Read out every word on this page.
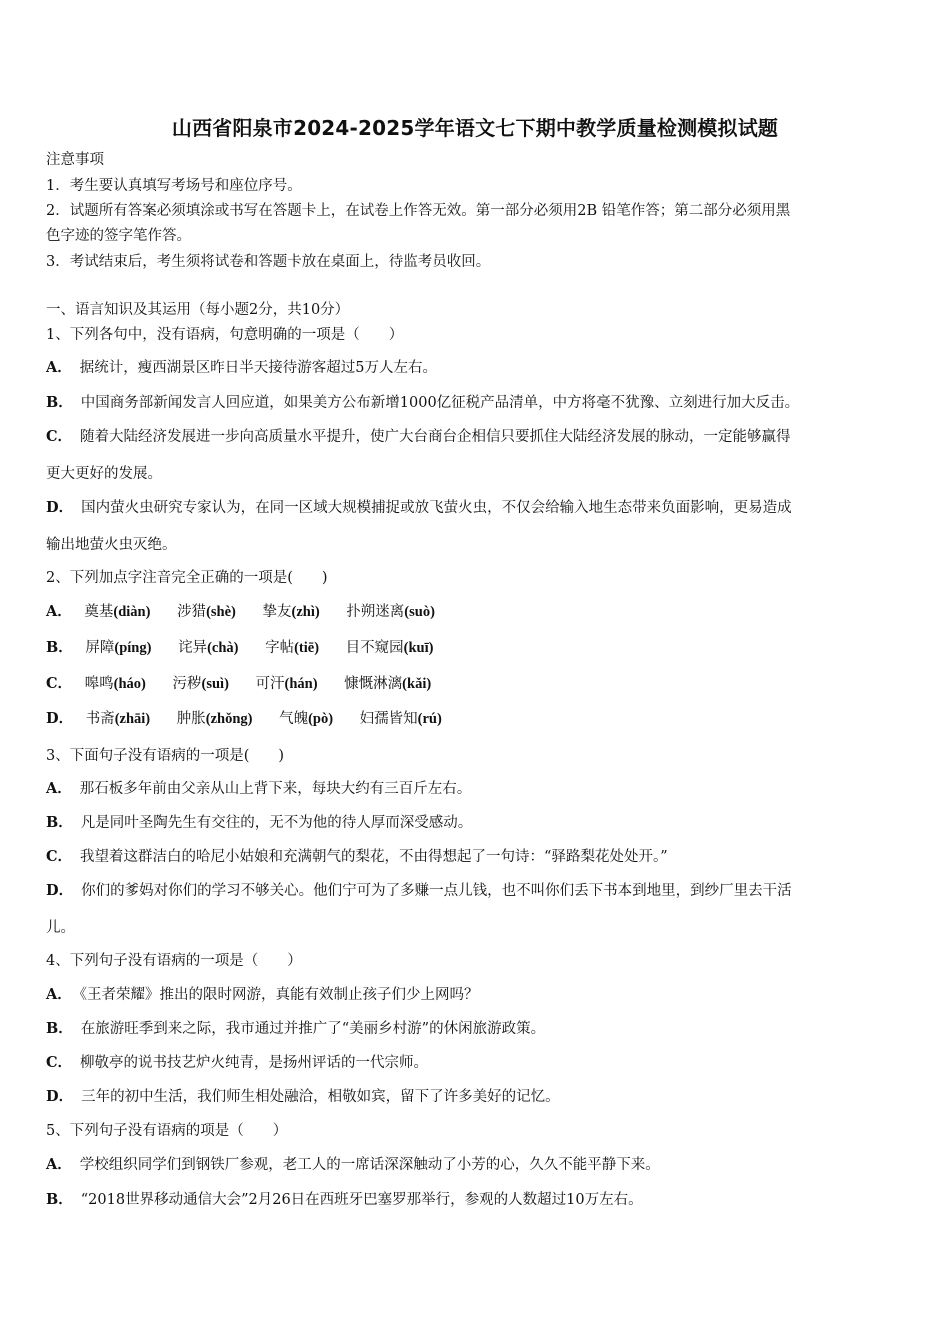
山西省阳泉市2024-2025学年语文七下期中教学质量检测模拟试题
注意事项
1．考生要认真填写考场号和座位序号。
2．试题所有答案必须填涂或书写在答题卡上，在试卷上作答无效。第一部分必须用2B 铅笔作答；第二部分必须用黑
色字迹的签字笔作答。
3．考试结束后，考生须将试卷和答题卡放在桌面上，待监考员收回。
一、语言知识及其运用（每小题2分，共10分）
1、下列各句中，没有语病，句意明确的一项是（　　）
A． 据统计，瘦西湖景区昨日半天接待游客超过5万人左右。
B． 中国商务部新闻发言人回应道，如果美方公布新增1000亿征税产品清单，中方将毫不犹豫、立刻进行加大反击。
C． 随着大陆经济发展进一步向高质量水平提升，使广大台商台企相信只要抓住大陆经济发展的脉动，一定能够赢得
更大更好的发展。
D． 国内萤火虫研究专家认为，在同一区域大规模捕捉或放飞萤火虫，不仅会给输入地生态带来负面影响，更易造成
输出地萤火虫灭绝。
2、下列加点字注音完全正确的一项是(　　)
A． 奠基(diàn) 涉猎(shè) 挚友(zhì) 扑朔迷离(suò)
B． 屏障(píng) 诧异(chà) 字帖(tiē) 目不窥园(kuī)
C． 嗥鸣(háo) 污秽(suì) 可汗(hán) 慷慨淋漓(kǎi)
D． 书斋(zhāi) 肿胀(zhǒng) 气魄(pò) 妇孺皆知(rú)
3、下面句子没有语病的一项是(　　)
A． 那石板多年前由父亲从山上背下来，每块大约有三百斤左右。
B． 凡是同叶圣陶先生有交往的，无不为他的待人厚而深受感动。
C． 我望着这群洁白的哈尼小姑娘和充满朝气的梨花，不由得想起了一句诗：“驿路梨花处处开。”
D． 你们的爹妈对你们的学习不够关心。他们宁可为了多赚一点儿钱，也不叫你们丢下书本到地里，到纱厂里去干活
儿。
4、下列句子没有语病的一项是（　　）
A． 《王者荣耀》推出的限时网游，真能有效制止孩子们少上网吗？
B． 在旅游旺季到来之际，我市通过并推广了“美丽乡村游”的休闲旅游政策。
C． 柳敬亭的说书技艺炉火纯青，是扬州评话的一代宗师。
D． 三年的初中生活，我们师生相处融洽，相敬如宾，留下了许多美好的记忆。
5、下列句子没有语病的项是（　　）
A． 学校组织同学们到钢铁厂参观，老工人的一席话深深触动了小芳的心，久久不能平静下来。
B． “2018世界移动通信大会”2月26日在西班牙巴塞罗那举行，参观的人数超过10万左右。
